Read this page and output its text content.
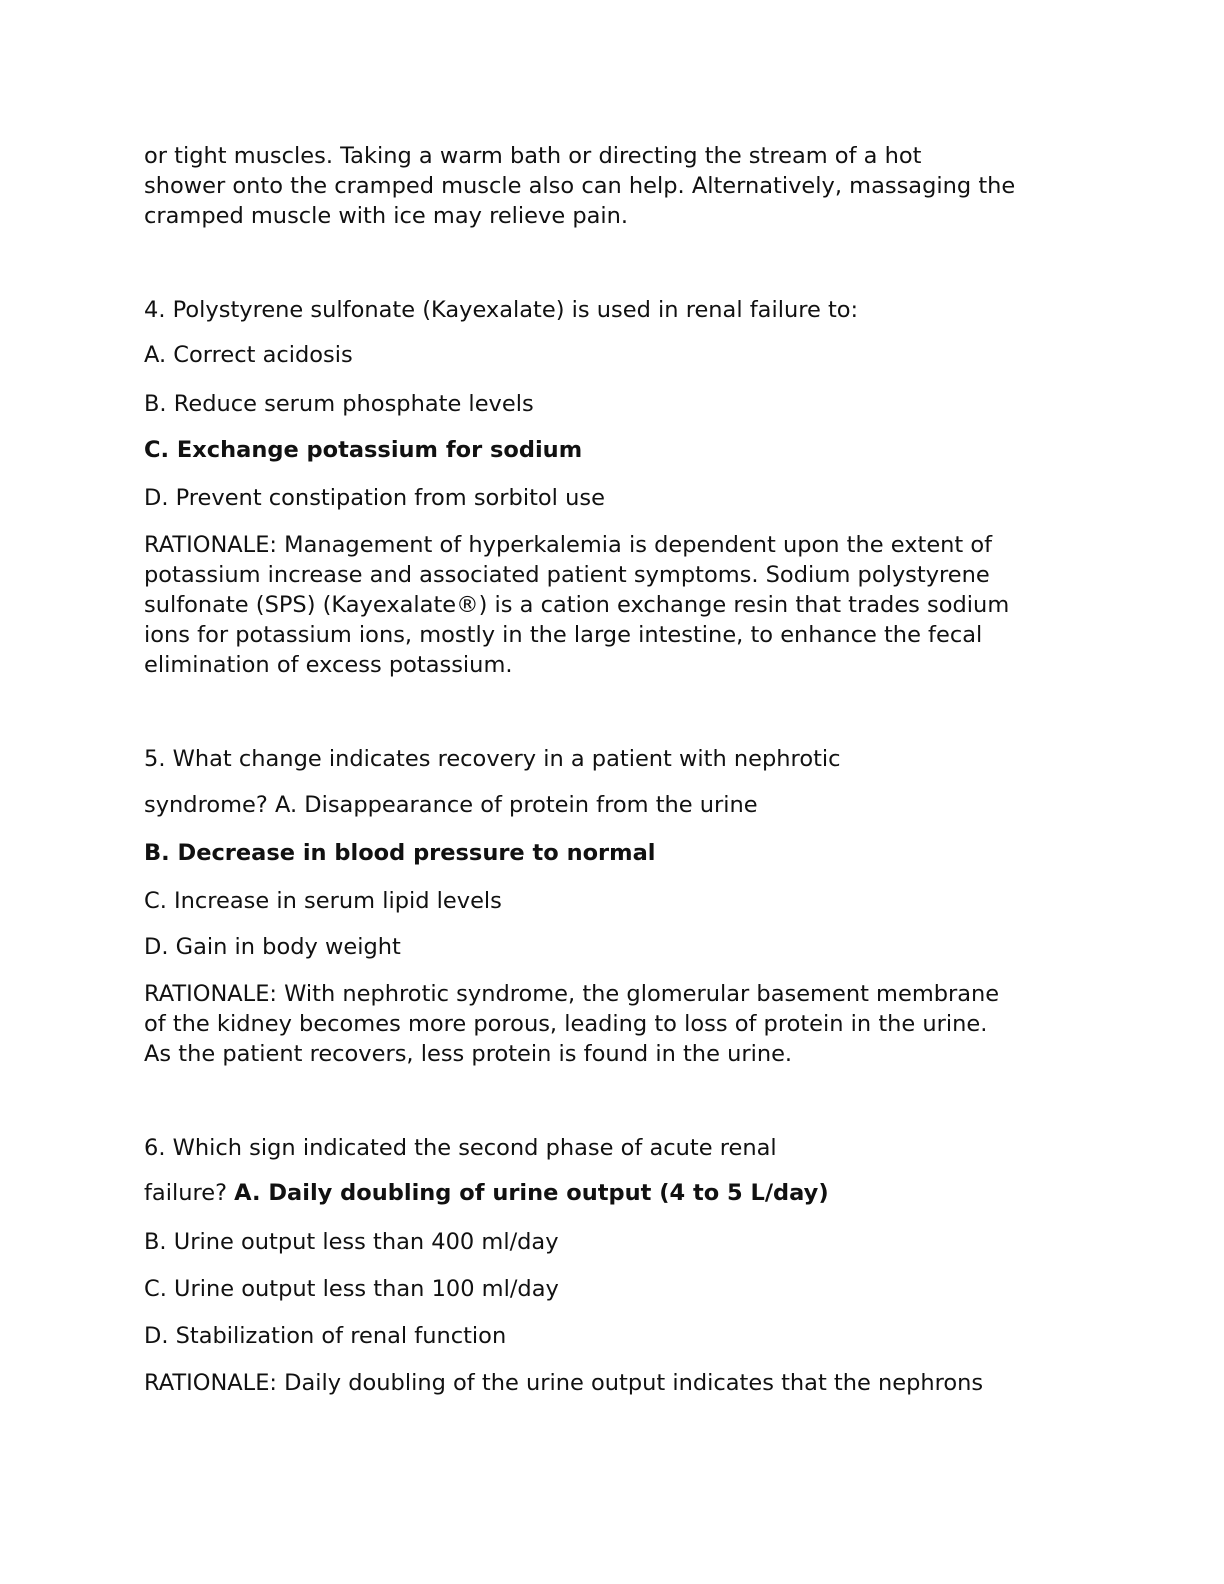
or tight muscles. Taking a warm bath or directing the stream of a hot

shower onto the cramped muscle also can help. Alternatively, massaging the

cramped muscle with ice may relieve pain.

4. Polystyrene sulfonate (Kayexalate) is used in renal failure to:

A. Correct acidosis

B. Reduce serum phosphate levels

C. Exchange potassium for sodium

D. Prevent constipation from sorbitol use

RATIONALE: Management of hyperkalemia is dependent upon the extent of

potassium increase and associated patient symptoms. Sodium polystyrene

sulfonate (SPS) (Kayexalate®) is a cation exchange resin that trades sodium

ions for potassium ions, mostly in the large intestine, to enhance the fecal

elimination of excess potassium.

5. What change indicates recovery in a patient with nephrotic

syndrome? A. Disappearance of protein from the urine

B. Decrease in blood pressure to normal

C. Increase in serum lipid levels

D. Gain in body weight

RATIONALE: With nephrotic syndrome, the glomerular basement membrane

of the kidney becomes more porous, leading to loss of protein in the urine.

As the patient recovers, less protein is found in the urine.

6. Which sign indicated the second phase of acute renal

failure? A. Daily doubling of urine output (4 to 5 L/day)

B. Urine output less than 400 ml/day

C. Urine output less than 100 ml/day

D. Stabilization of renal function

RATIONALE: Daily doubling of the urine output indicates that the nephrons
